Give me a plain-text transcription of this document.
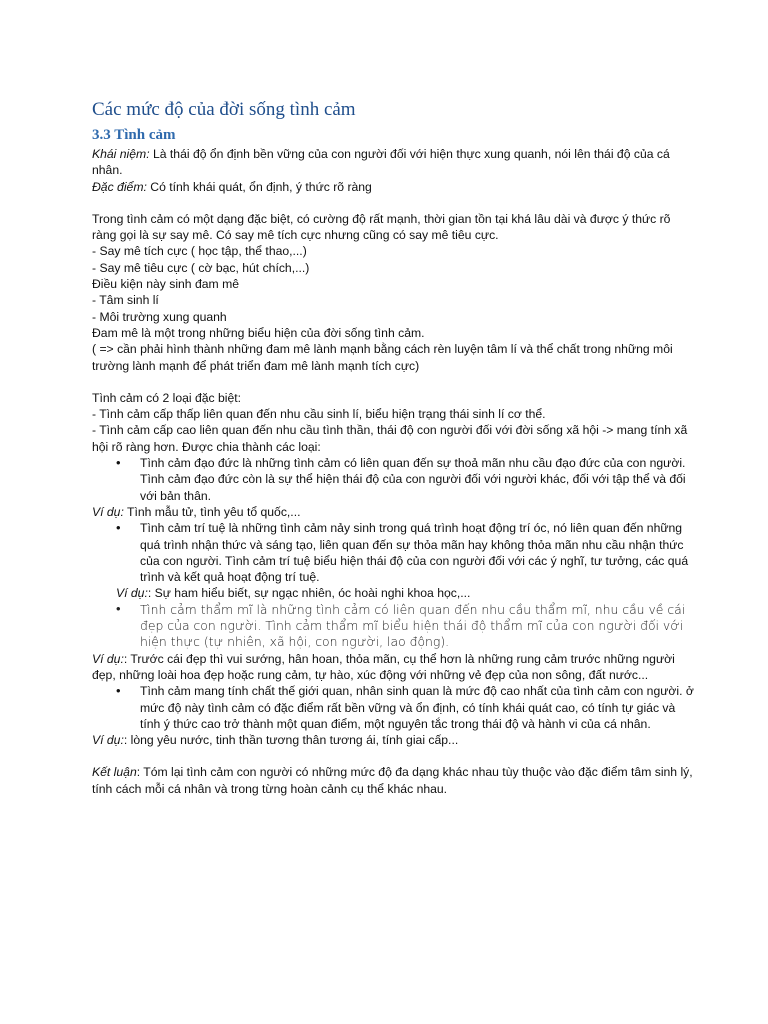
Các mức độ của đời sống tình cảm
3.3 Tình cảm

Khái niệm: Là thái độ ổn định bền vững của con người đối với hiện thực xung quanh, nói lên thái độ của cá nhân.

Đặc điểm: Có tính khái quát, ổn định, ý thức rõ ràng

Trong tình cảm có một dạng đặc biệt, có cường độ rất mạnh, thời gian tồn tại khá lâu dài và được ý thức rõ ràng gọi là sự say mê. Có say mê tích cực nhưng cũng có say mê tiêu cực.

- Say mê tích cực ( học tập, thể thao,...)

- Say mê tiêu cực ( cờ bạc, hút chích,...)

Điều kiện này sinh đam mê

- Tâm sinh lí

- Môi trường xung quanh

Đam mê là một trong những biểu hiện của đời sống tình cảm.

( => cần phải hình thành những đam mê lành mạnh bằng cách rèn luyện tâm lí và thể chất trong những môi trường lành mạnh để phát triển đam mê lành mạnh tích cực)

Tình cảm có 2 loại đặc biệt:

- Tình cảm cấp thấp liên quan đến nhu cầu sinh lí, biểu hiện trạng thái sinh lí cơ thể.

- Tình cảm cấp cao liên quan đến nhu cầu tình thần, thái độ con người đối với đời sống xã hội -> mang tính xã hội rõ ràng hơn. Được chia thành các loại:

• Tình cảm đạo đức là những tình cảm có liên quan đến sự thoả mãn nhu cầu đạo đức của con người. Tình cảm đạo đức còn là sự thể hiện thái độ của con người đối với người khác, đối với tập thể và đối với bản thân.

Ví dụ: Tình mẫu tử, tình yêu tổ quốc,...

• Tình cảm trí tuệ là những tình cảm nảy sinh trong quá trình hoạt động trí óc, nó liên quan đến những quá trình nhận thức và sáng tạo, liên quan đến sự thỏa mãn hay không thỏa mãn nhu cầu nhận thức của con người. Tình cảm trí tuệ biểu hiện thái độ của con người đối với các ý nghĩ, tư tưởng, các quá trình và kết quả hoạt động trí tuệ.

Ví dụ:: Sự ham hiểu biết, sự ngạc nhiên, óc hoài nghi khoa học,...

• Tình cảm thẩm mĩ là những tình cảm có liên quan đến nhu cầu thẩm mĩ, nhu cầu về cái đẹp của con người. Tình cảm thẩm mĩ biểu hiện thái độ thẩm mĩ của con người đối với hiện thực (tự nhiên, xã hội, con người, lao động).

Ví dụ:: Trước cái đẹp thì vui sướng, hân hoan, thỏa mãn, cụ thể hơn là những rung cảm trước những người đẹp, những loài hoa đẹp hoặc rung cảm, tự hào, xúc động với những vẻ đẹp của non sông, đất nước...

• Tình cảm mang tính chất thế giới quan, nhân sinh quan là mức độ cao nhất của tình cảm con người. ở mức độ này tình cảm có đặc điểm rất bền vững và ổn định, có tính khái quát cao, có tính tự giác và tính ý thức cao trở thành một quan điểm, một nguyên tắc trong thái độ và hành vi của cá nhân.

Ví dụ:: lòng yêu nước, tinh thần tương thân tương ái, tính giai cấp...

Kết luận: Tóm lại tình cảm con người có những mức độ đa dạng khác nhau tùy thuộc vào đặc điểm tâm sinh lý, tính cách mỗi cá nhân và trong từng hoàn cảnh cụ thể khác nhau.
